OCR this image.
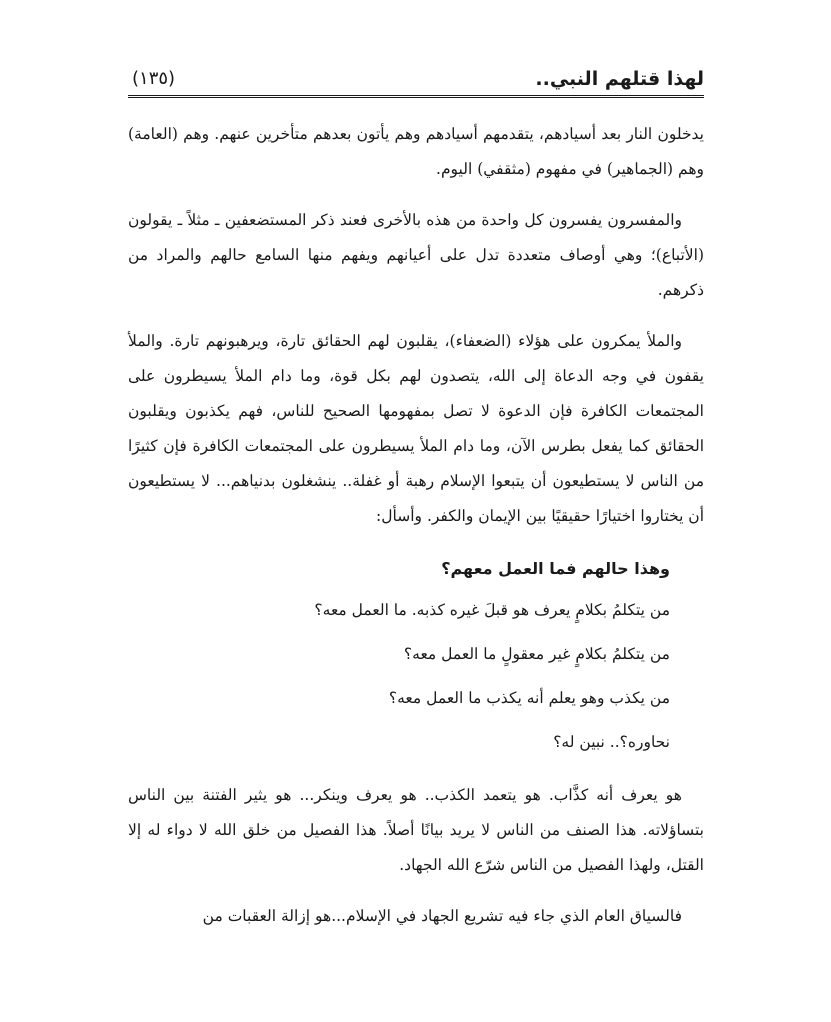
لهذا قتلهم النبي..
(١٣٥)

يدخلون النار بعد أسيادهم، يتقدمهم أسيادهم وهم يأتون بعدهم متأخرين عنهم. وهم (العامة) وهم (الجماهير) في مفهوم (مثقفي) اليوم.

والمفسرون يفسرون كل واحدة من هذه بالأخرى فعند ذكر المستضعفين ـ مثلاً ـ يقولون (الأتباع)؛ وهي أوصاف متعددة تدل على أعيانهم ويفهم منها السامع حالهم والمراد من ذكرهم.

والملأ يمكرون على هؤلاء (الضعفاء)، يقلبون لهم الحقائق تارة، ويرهبونهم تارة. والملأ يقفون في وجه الدعاة إلى الله، يتصدون لهم بكل قوة، وما دام الملأ يسيطرون على المجتمعات الكافرة فإن الدعوة لا تصل بمفهومها الصحيح للناس، فهم يكذبون ويقلبون الحقائق كما يفعل بطرس الآن، وما دام الملأ يسيطرون على المجتمعات الكافرة فإن كثيرًا من الناس لا يستطيعون أن يتبعوا الإسلام رهبة أو غفلة.. ينشغلون بدنياهم... لا يستطيعون أن يختاروا اختيارًا حقيقيًا بين الإيمان والكفر. وأسأل:

وهذا حالهم فما العمل معهم؟
من يتكلمُ بكلامٍ يعرف هو قبلَ غيره كذبه. ما العمل معه؟
من يتكلمُ بكلامٍ غير معقولٍ ما العمل معه؟
من يكذب وهو يعلم أنه يكذب ما العمل معه؟
نحاوره؟.. نبين له؟

هو يعرف أنه كذَّاب. هو يتعمد الكذب.. هو يعرف وينكر... هو يثير الفتنة بين الناس بتساؤلاته. هذا الصنف من الناس لا يريد بيانًا أصلاً. هذا الفصيل من خلق الله لا دواء له إلا القتل، ولهذا الفصيل من الناس شرّع الله الجهاد.

فالسياق العام الذي جاء فيه تشريع الجهاد في الإسلام...هو إزالة العقبات من
